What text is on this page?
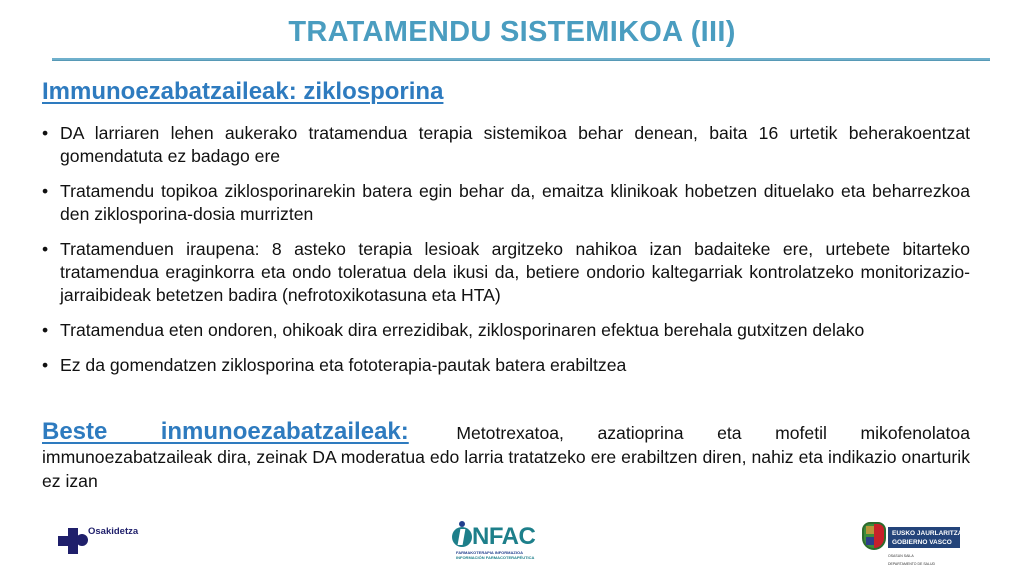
TRATAMENDU SISTEMIKOA (III)
Immunoezabatzaileak: ziklosporina
• DA larriaren lehen aukerako tratamendua terapia sistemikoa behar denean, baita 16 urtetik beherakoentzat gomendatuta ez badago ere
• Tratamendu topikoa ziklosporinarekin batera egin behar da, emaitza klinikoak hobetzen dituelako eta beharrezkoa den ziklosporina-dosia murrizten
• Tratamenduen iraupena: 8 asteko terapia lesioak argitzeko nahikoa izan badaiteke ere, urtebete bitarteko tratamendua eraginkorra eta ondo toleratua dela ikusi da, betiere ondorio kaltegarriak kontrolatzeko monitorizazio-jarraibideak betetzen badira (nefrotoxikotasuna eta HTA)
• Tratamendua eten ondoren, ohikoak dira errezidibak, ziklosporinaren efektua berehala gutxitzen delako
• Ez da gomendatzen ziklosporina eta fototerapia-pautak batera erabiltzea
Beste inmunoezabatzaileak:	Metotrexatoa, azatioprina eta mofetil mikofenolatoa immunoezabatzaileak dira, zeinak DA moderatua edo larria tratatzeko ere erabiltzen diren, nahiz eta indikazio onarturik ez izan
Osakidetza	NFAC
FARMAKOTERAPIA INFORMAZIOA
INFORMACIÓN FARMACOTERAPÉUTICA
EUSKO JAURLARITZA
GOBIERNO VASCO
OSASUN SAILA
DEPARTAMENTO DE SALUD
